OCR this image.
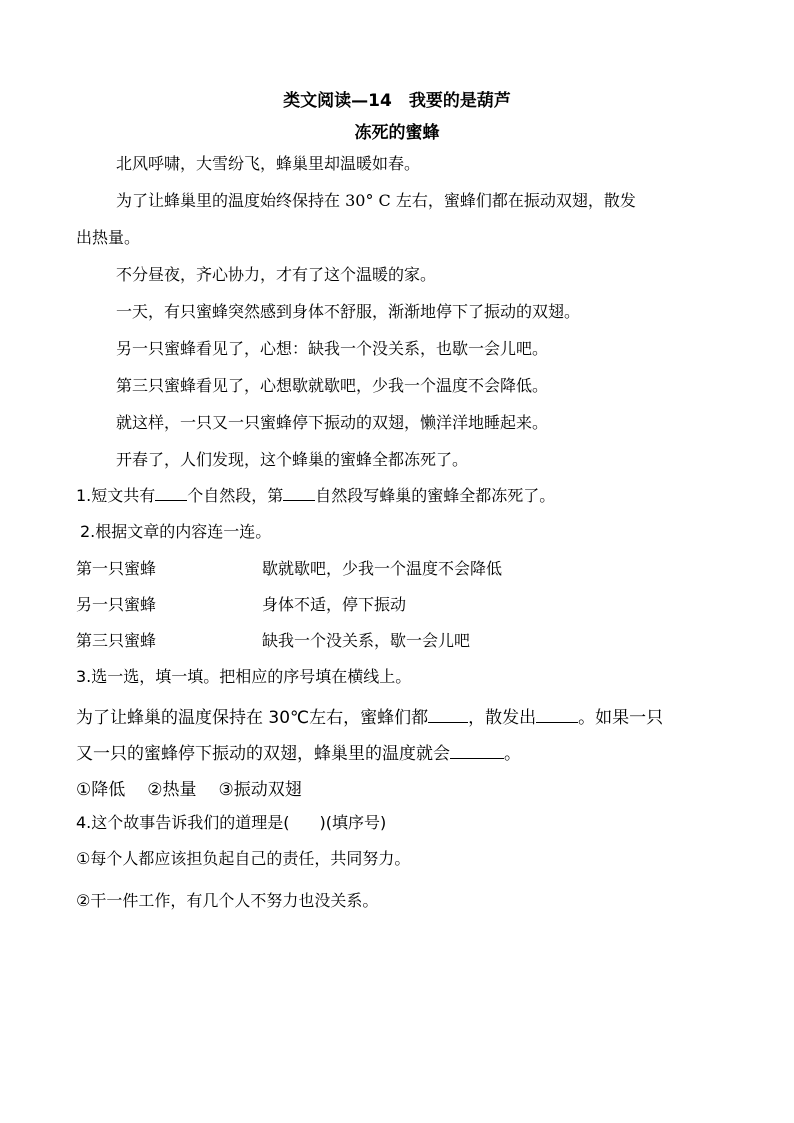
类文阅读—14　我要的是葫芦
冻死的蜜蜂
北风呼啸，大雪纷飞，蜂巢里却温暖如春。
为了让蜂巢里的温度始终保持在 30° C 左右，蜜蜂们都在振动双翅，散发
出热量。
不分昼夜，齐心协力，才有了这个温暖的家。
一天，有只蜜蜂突然感到身体不舒服，渐渐地停下了振动的双翅。
另一只蜜蜂看见了，心想：缺我一个没关系，也歇一会儿吧。
第三只蜜蜂看见了，心想歇就歇吧，少我一个温度不会降低。
就这样，一只又一只蜜蜂停下振动的双翅，懒洋洋地睡起来。
开春了，人们发现，这个蜂巢的蜜蜂全都冻死了。
1.短文共有 个自然段，第 自然段写蜂巢的蜜蜂全都冻死了。
2.根据文章的内容连一连。
第一只蜜蜂	歇就歇吧，少我一个温度不会降低
另一只蜜蜂	身体不适，停下振动
第三只蜜蜂	缺我一个没关系，歇一会儿吧
3.选一选，填一填。把相应的序号填在横线上。
为了让蜂巢的温度保持在 30℃左右，蜜蜂们都 ，散发出 。如果一只
又一只的蜜蜂停下振动的双翅，蜂巢里的温度就会	。
①降低 ②热量 ③振动双翅
4.这个故事告诉我们的道理是( )(填序号)
①每个人都应该担负起自己的责任，共同努力。
②干一件工作，有几个人不努力也没关系。
